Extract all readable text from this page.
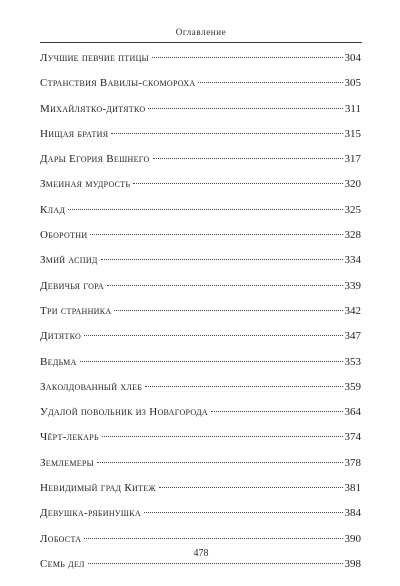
Оглавление
Лучшие певчие птицы	304
Странствия Вавилы-скомороха	305
Михайлятко-дитятко	311
Нищая братия	315
Дары Егория Вешнего	317
Змеиная мудрость	320
Клад	325
Оборотни	328
Змий аспид	334
Девичья гора	339
Три странника	342
Дитятко	347
Ведьма	353
Заколдованный хлеб	359
Удалой повольник из Новагорода	364
Чёрт-лекарь	374
Землемеры	378
Невидимый град Китеж	381
Девушка-рябинушка	384
Лобоста	390
Семь дел	398
478
